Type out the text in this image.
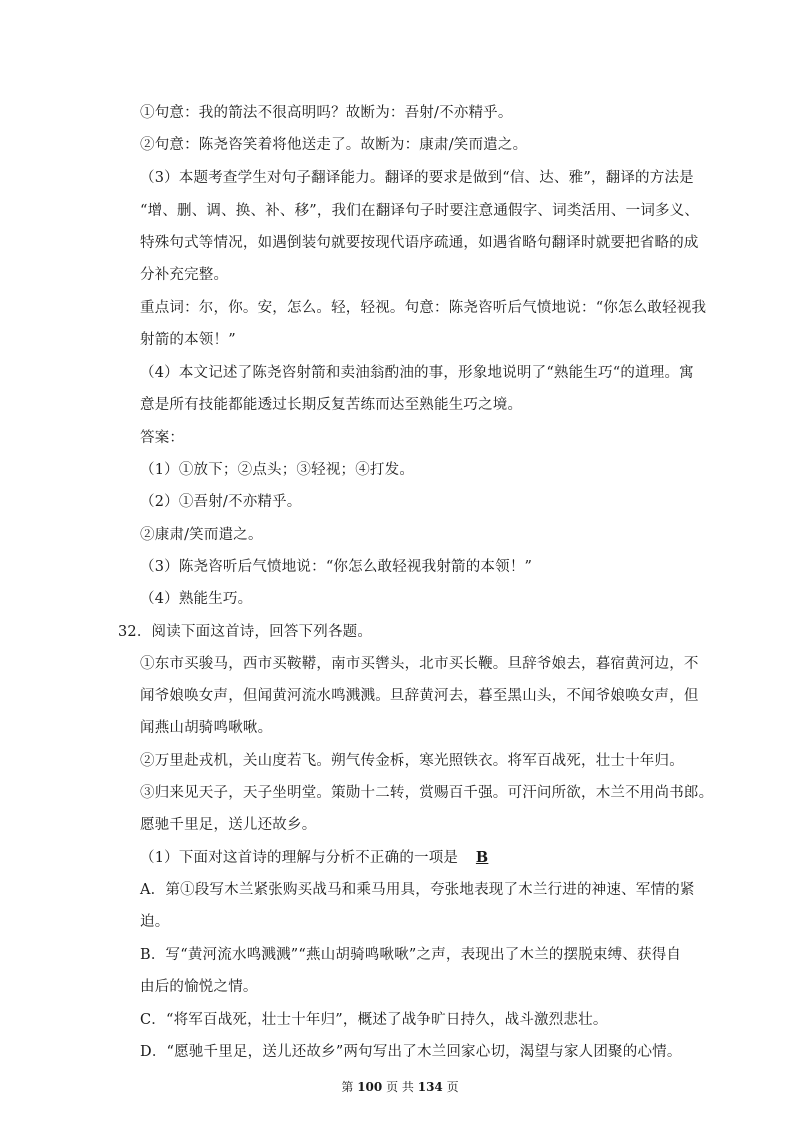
①句意：我的箭法不很高明吗？故断为：吾射/不亦精乎。
②句意：陈尧咨笑着将他送走了。故断为：康肃/笑而遣之。
（3）本题考查学生对句子翻译能力。翻译的要求是做到“信、达、雅”，翻译的方法是
“增、删、调、换、补、移”，我们在翻译句子时要注意通假字、词类活用、一词多义、
特殊句式等情况，如遇倒装句就要按现代语序疏通，如遇省略句翻译时就要把省略的成
分补充完整。
重点词：尔，你。安，怎么。轻，轻视。句意：陈尧咨听后气愤地说：“你怎么敢轻视我
射箭的本领！”
（4）本文记述了陈尧咨射箭和卖油翁酌油的事，形象地说明了“熟能生巧“的道理。寓
意是所有技能都能透过长期反复苦练而达至熟能生巧之境。
答案：
（1）①放下；②点头；③轻视；④打发。
（2）①吾射/不亦精乎。
②康肃/笑而遣之。
（3）陈尧咨听后气愤地说：“你怎么敢轻视我射箭的本领！”
（4）熟能生巧。
32．阅读下面这首诗，回答下列各题。
①东市买骏马，西市买鞍鞯，南市买辔头，北市买长鞭。旦辞爷娘去，暮宿黄河边，不
闻爷娘唤女声，但闻黄河流水鸣溅溅。旦辞黄河去，暮至黑山头，不闻爷娘唤女声，但
闻燕山胡骑鸣啾啾。
②万里赴戎机，关山度若飞。朔气传金柝，寒光照铁衣。将军百战死，壮士十年归。
③归来见天子，天子坐明堂。策勋十二转，赏赐百千强。可汗问所欲，木兰不用尚书郎。
愿驰千里足，送儿还故乡。
（1）下面对这首诗的理解与分析不正确的一项是 B
A．第①段写木兰紧张购买战马和乘马用具，夸张地表现了木兰行进的神速、军情的紧
迫。
B．写“黄河流水鸣溅溅”“燕山胡骑鸣啾啾”之声，表现出了木兰的摆脱束缚、获得自
由后的愉悦之情。
C．“将军百战死，壮士十年归”，概述了战争旷日持久，战斗激烈悲壮。
D．“愿驰千里足，送儿还故乡”两句写出了木兰回家心切，渴望与家人团聚的心情。
第 100 页 共 134 页
